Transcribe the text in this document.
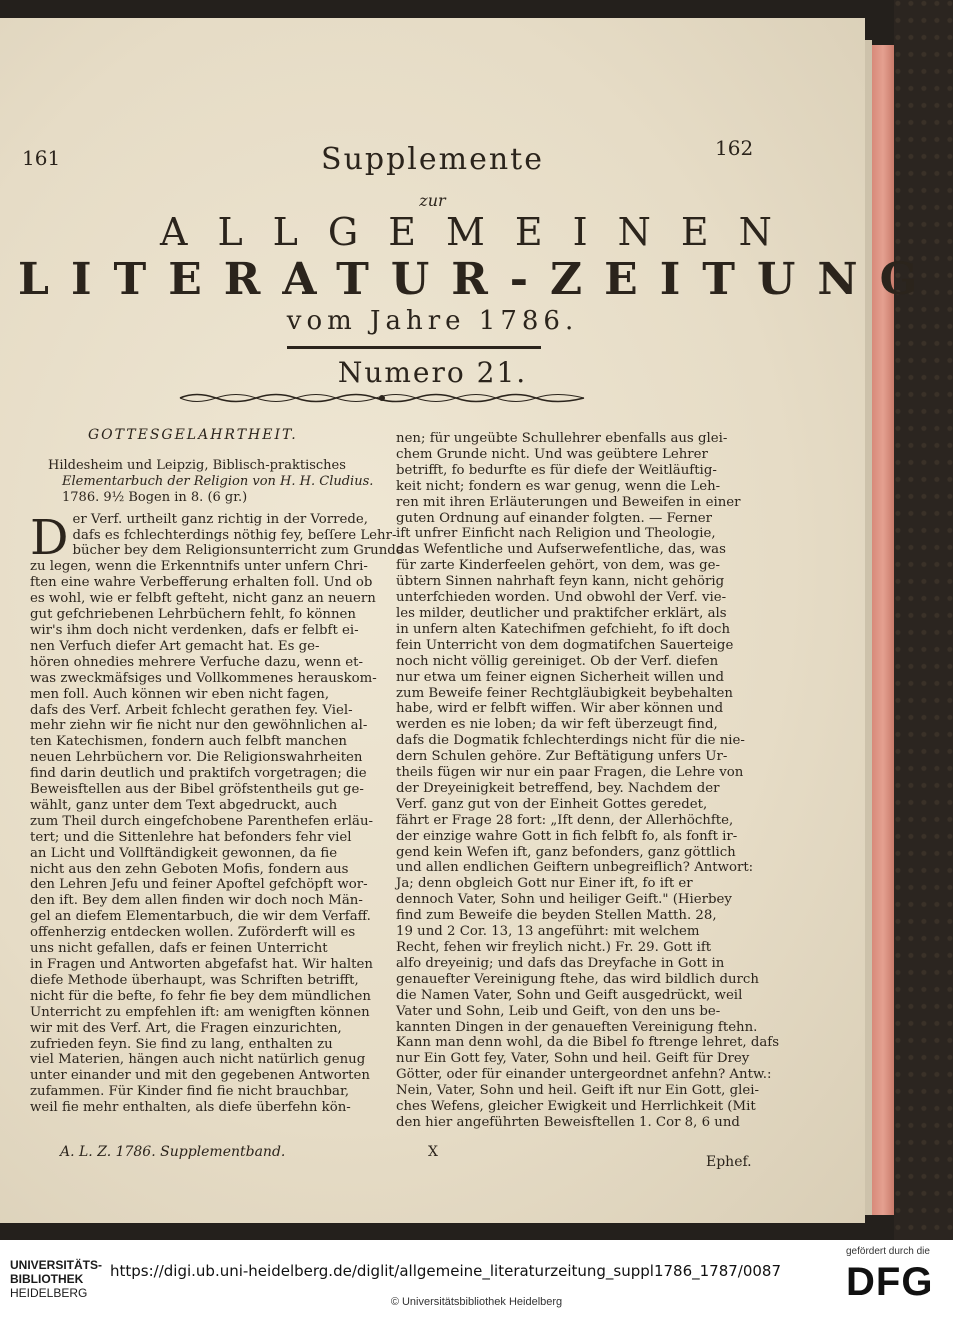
161	162
Supplemente
zur
ALLGEMEINEN
LITERATUR-ZEITUNG
vom Jahre 1786.
Numero 21.
GOTTESGELAHRTHEIT.
Hildesheim und Leipzig, Biblisch-praktisches
Elementarbuch der Religion von H. H. Cludius.
1786. 9½ Bogen in 8. (6 gr.)
D er Verf. urtheilt ganz richtig in der Vorrede,
dafs es fchlechterdings nöthig fey, beſſere Lehr-
bücher bey dem Religionsunterricht zum Grunde
zu legen, wenn die Erkenntnifs unter unfern Chri-
ften eine wahre Verbefferung erhalten foll. Und ob
es wohl, wie er felbft gefteht, nicht ganz an neuern
gut gefchriebenen Lehrbüchern fehlt, fo können
wir's ihm doch nicht verdenken, dafs er felbft ei-
nen Verfuch diefer Art gemacht hat. Es ge-
hören ohnedies mehrere Verfuche dazu, wenn et-
was zweckmäfsiges und Vollkommenes herauskom-
men foll. Auch können wir eben nicht fagen,
dafs des Verf. Arbeit fchlecht gerathen fey. Viel-
mehr ziehn wir fie nicht nur den gewöhnlichen al-
ten Katechismen, fondern auch felbft manchen
neuen Lehrbüchern vor. Die Religionswahrheiten
find darin deutlich und praktifch vorgetragen; die
Beweisftellen aus der Bibel gröfstentheils gut ge-
wählt, ganz unter dem Text abgedruckt, auch
zum Theil durch eingefchobene Parenthefen erläu-
tert; und die Sittenlehre hat befonders fehr viel
an Licht und Vollftändigkeit gewonnen, da fie
nicht aus den zehn Geboten Mofis, fondern aus
den Lehren Jefu und feiner Apoftel gefchöpft wor-
den ift. Bey dem allen finden wir doch noch Män-
gel an diefem Elementarbuch, die wir dem Verfaff.
offenherzig entdecken wollen. Zuförderft will es
uns nicht gefallen, dafs er feinen Unterricht
in Fragen und Antworten abgefafst hat. Wir halten
diefe Methode überhaupt, was Schriften betrifft,
nicht für die befte, fo fehr fie bey dem mündlichen
Unterricht zu empfehlen ift: am wenigften können
wir mit des Verf. Art, die Fragen einzurichten,
zufrieden feyn. Sie find zu lang, enthalten zu
viel Materien, hängen auch nicht natürlich genug
unter einander und mit den gegebenen Antworten
zufammen. Für Kinder find fie nicht brauchbar,
weil fie mehr enthalten, als diefe überfehn kön-
nen; für ungeübte Schullehrer ebenfalls aus glei-
chem Grunde nicht. Und was geübtere Lehrer
betrifft, fo bedurfte es für diefe der Weitläuftig-
keit nicht; fondern es war genug, wenn die Leh-
ren mit ihren Erläuterungen und Beweifen in einer
guten Ordnung auf einander folgten. — Ferner
ift unfrer Einficht nach Religion und Theologie,
das Wefentliche und Aufserwefentliche, das, was
für zarte Kinderfeelen gehört, von dem, was ge-
übtern Sinnen nahrhaft feyn kann, nicht gehörig
unterfchieden worden. Und obwohl der Verf. vie-
les milder, deutlicher und praktifcher erklärt, als
in unfern alten Katechifmen gefchieht, fo ift doch
fein Unterricht von dem dogmatifchen Sauerteige
noch nicht völlig gereiniget. Ob der Verf. diefen
nur etwa um feiner eignen Sicherheit willen und
zum Beweife feiner Rechtgläubigkeit beybehalten
habe, wird er felbft wiffen. Wir aber können und
werden es nie loben; da wir feft überzeugt find,
dafs die Dogmatik fchlechterdings nicht für die nie-
dern Schulen gehöre. Zur Beftätigung unfers Ur-
theils fügen wir nur ein paar Fragen, die Lehre von
der Dreyeinigkeit betreffend, bey. Nachdem der
Verf. ganz gut von der Einheit Gottes geredet,
fährt er Frage 28 fort: „Ift denn, der Allerhöchfte,
der einzige wahre Gott in fich felbft fo, als fonft ir-
gend kein Wefen ift, ganz befonders, ganz göttlich
und allen endlichen Geiftern unbegreiflich? Antwort:
Ja; denn obgleich Gott nur Einer ift, fo ift er
dennoch Vater, Sohn und heiliger Geift." (Hierbey
find zum Beweife die beyden Stellen Matth. 28,
19 und 2 Cor. 13, 13 angeführt: mit welchem
Recht, fehen wir freylich nicht.) Fr. 29. Gott ift
alfo dreyeinig; und dafs das Dreyfache in Gott in
genauefter Vereinigung ftehe, das wird bildlich durch
die Namen Vater, Sohn und Geift ausgedrückt, weil
Vater und Sohn, Leib und Geift, von den uns be-
kannten Dingen in der genaueften Vereinigung ftehn.
Kann man denn wohl, da die Bibel fo ftrenge lehret, dafs
nur Ein Gott fey, Vater, Sohn und heil. Geift für Drey
Götter, oder für einander untergeordnet anfehn? Antw.:
Nein, Vater, Sohn und heil. Geift ift nur Ein Gott, glei-
ches Wefens, gleicher Ewigkeit und Herrlichkeit (Mit
den hier angeführten Beweisftellen 1. Cor 8, 6 und
A. L. Z. 1786. Supplementband.	X
Ephef.
UNIVERSITÄTS-
BIBLIOTHEK
HEIDELBERG
https://digi.ub.uni-heidelberg.de/diglit/allgemeine_literaturzeitung_suppl1786_1787/0087
© Universitätsbibliothek Heidelberg
gefördert durch die
DFG
